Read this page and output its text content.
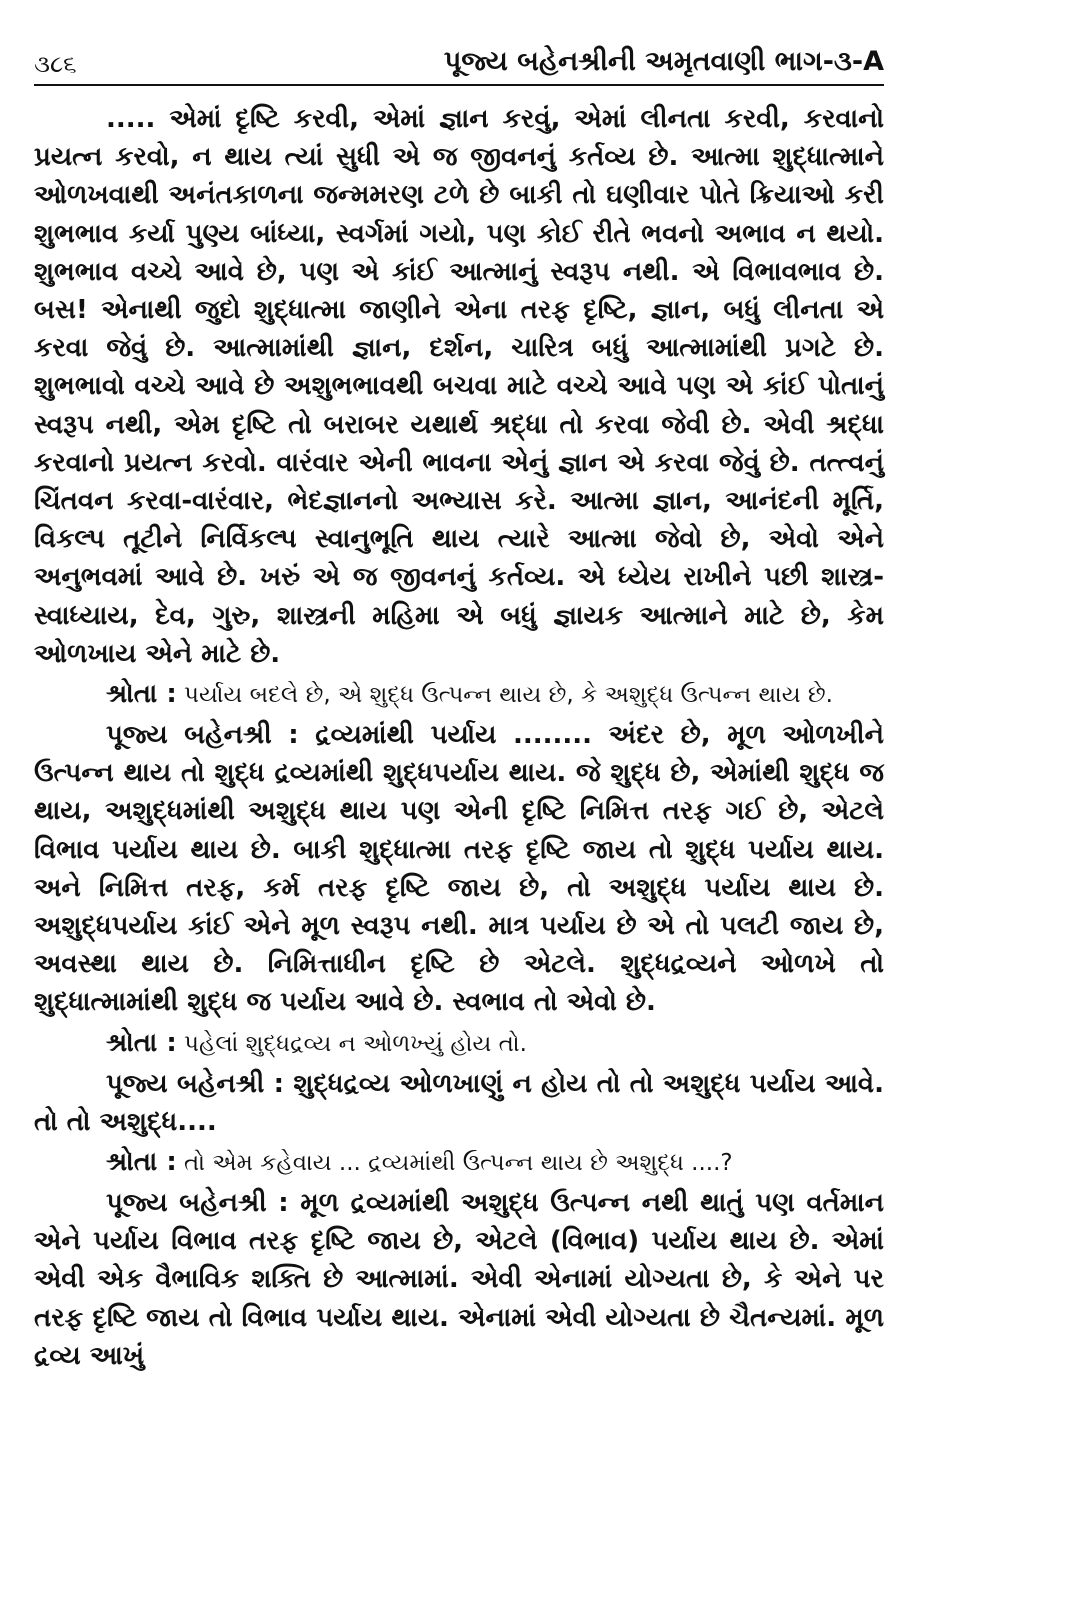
૩૮૬	પૂજ્ય બહેનશ્રીની અમૃતવાણી ભાગ-૩-A

..... એમાં દૃષ્ટિ કરવી, એમાં જ્ઞાન કરવું, એમાં લીનતા કરવી, કરવાનો પ્રયત્ન કરવો, ન થાય ત્યાં સુધી એ જ જીવનનું કર્તવ્ય છે. આત્મા શુદ્ધાત્માને ઓળખવાથી અનંતકાળના જન્મમરણ ટળે છે બાકી તો ઘણીવાર પોતે ક્રિયાઓ કરી શુભભાવ કર્યા પુણ્ય બાંધ્યા, સ્વર્ગમાં ગયો, પણ કોઈ રીતે ભવનો અભાવ ન થયો. શુભભાવ વચ્ચે આવે છે, પણ એ કાંઈ આત્માનું સ્વરૂપ નથી. એ વિભાવભાવ છે. બસ! એનાથી જુદો શુદ્ધાત્મા જાણીને એના તરફ દૃષ્ટિ, જ્ઞાન, બધું લીનતા એ કરવા જેવું છે. આત્મામાંથી જ્ઞાન, દર્શન, ચારિત્ર બધું આત્મામાંથી પ્રગટે છે. શુભભાવો વચ્ચે આવે છે અશુભભાવથી બચવા માટે વચ્ચે આવે પણ એ કાંઈ પોતાનું સ્વરૂપ નથી, એમ દૃષ્ટિ તો બરાબર યથાર્થ શ્રદ્ધા તો કરવા જેવી છે. એવી શ્રદ્ધા કરવાનો પ્રયત્ન કરવો. વારંવાર એની ભાવના એનું જ્ઞાન એ કરવા જેવું છે. તત્ત્વનું ચિંતવન કરવા-વારંવાર, ભેદજ્ઞાનનો અભ્યાસ કરે. આત્મા જ્ઞાન, આનંદની મૂર્તિ, વિકલ્પ તૂટીને નિર્વિકલ્પ સ્વાનુભૂતિ થાય ત્યારે આત્મા જેવો છે, એવો એને અનુભવમાં આવે છે. ખરું એ જ જીવનનું કર્તવ્ય. એ ધ્યેય રાખીને પછી શાસ્ત્ર-સ્વાધ્યાય, દેવ, ગુરુ, શાસ્ત્રની મહિમા એ બધું જ્ઞાયક આત્માને માટે છે, કેમ ઓળખાય એને માટે છે.

શ્રોતા : પર્યાય બદલે છે, એ શુદ્ધ ઉત્પન્ન થાય છે, કે અશુદ્ધ ઉત્પન્ન થાય છે.

પૂજ્ય બહેનશ્રી : દ્રવ્યમાંથી પર્યાય ........ અંદર છે, મૂળ ઓળખીને ઉત્પન્ન થાય તો શુદ્ધ દ્રવ્યમાંથી શુદ્ધપર્યાય થાય. જે શુદ્ધ છે, એમાંથી શુદ્ધ જ થાય, અશુદ્ધમાંથી અશુદ્ધ થાય પણ એની દૃષ્ટિ નિમિત્ત તરફ ગઈ છે, એટલે વિભાવ પર્યાય થાય છે. બાકી શુદ્ધાત્મા તરફ દૃષ્ટિ જાય તો શુદ્ધ પર્યાય થાય. અને નિમિત્ત તરફ, કર્મ તરફ દૃષ્ટિ જાય છે, તો અશુદ્ધ પર્યાય થાય છે. અશુદ્ધપર્યાય કાંઈ એને મૂળ સ્વરૂપ નથી. માત્ર પર્યાય છે એ તો પલટી જાય છે, અવસ્થા થાય છે. નિમિત્તાધીન દૃષ્ટિ છે એટલે. શુદ્ધદ્રવ્યને ઓળખે તો શુદ્ધાત્મામાંથી શુદ્ધ જ પર્યાય આવે છે. સ્વભાવ તો એવો છે.

શ્રોતા : પહેલાં શુદ્ધદ્રવ્ય ન ઓળખ્યું હોય તો.

પૂજ્ય બહેનશ્રી : શુદ્ધદ્રવ્ય ઓળખાણું ન હોય તો તો અશુદ્ધ પર્યાય આવે. તો તો અશુદ્ધ....

શ્રોતા : તો એમ કહેવાય ... દ્રવ્યમાંથી ઉત્પન્ન થાય છે અશુદ્ધ ....?

પૂજ્ય બહેનશ્રી : મૂળ દ્રવ્યમાંથી અશુદ્ધ ઉત્પન્ન નથી થાતું પણ વર્તમાન એને પર્યાય વિભાવ તરફ દૃષ્ટિ જાય છે, એટલે (વિભાવ) પર્યાય થાય છે. એમાં એવી એક વૈભાવિક શક્તિ છે આત્મામાં. એવી એનામાં યોગ્યતા છે, કે એને પર તરફ દૃષ્ટિ જાય તો વિભાવ પર્યાય થાય. એનામાં એવી યોગ્યતા છે ચૈતન્યમાં. મૂળ દ્રવ્ય આખું
